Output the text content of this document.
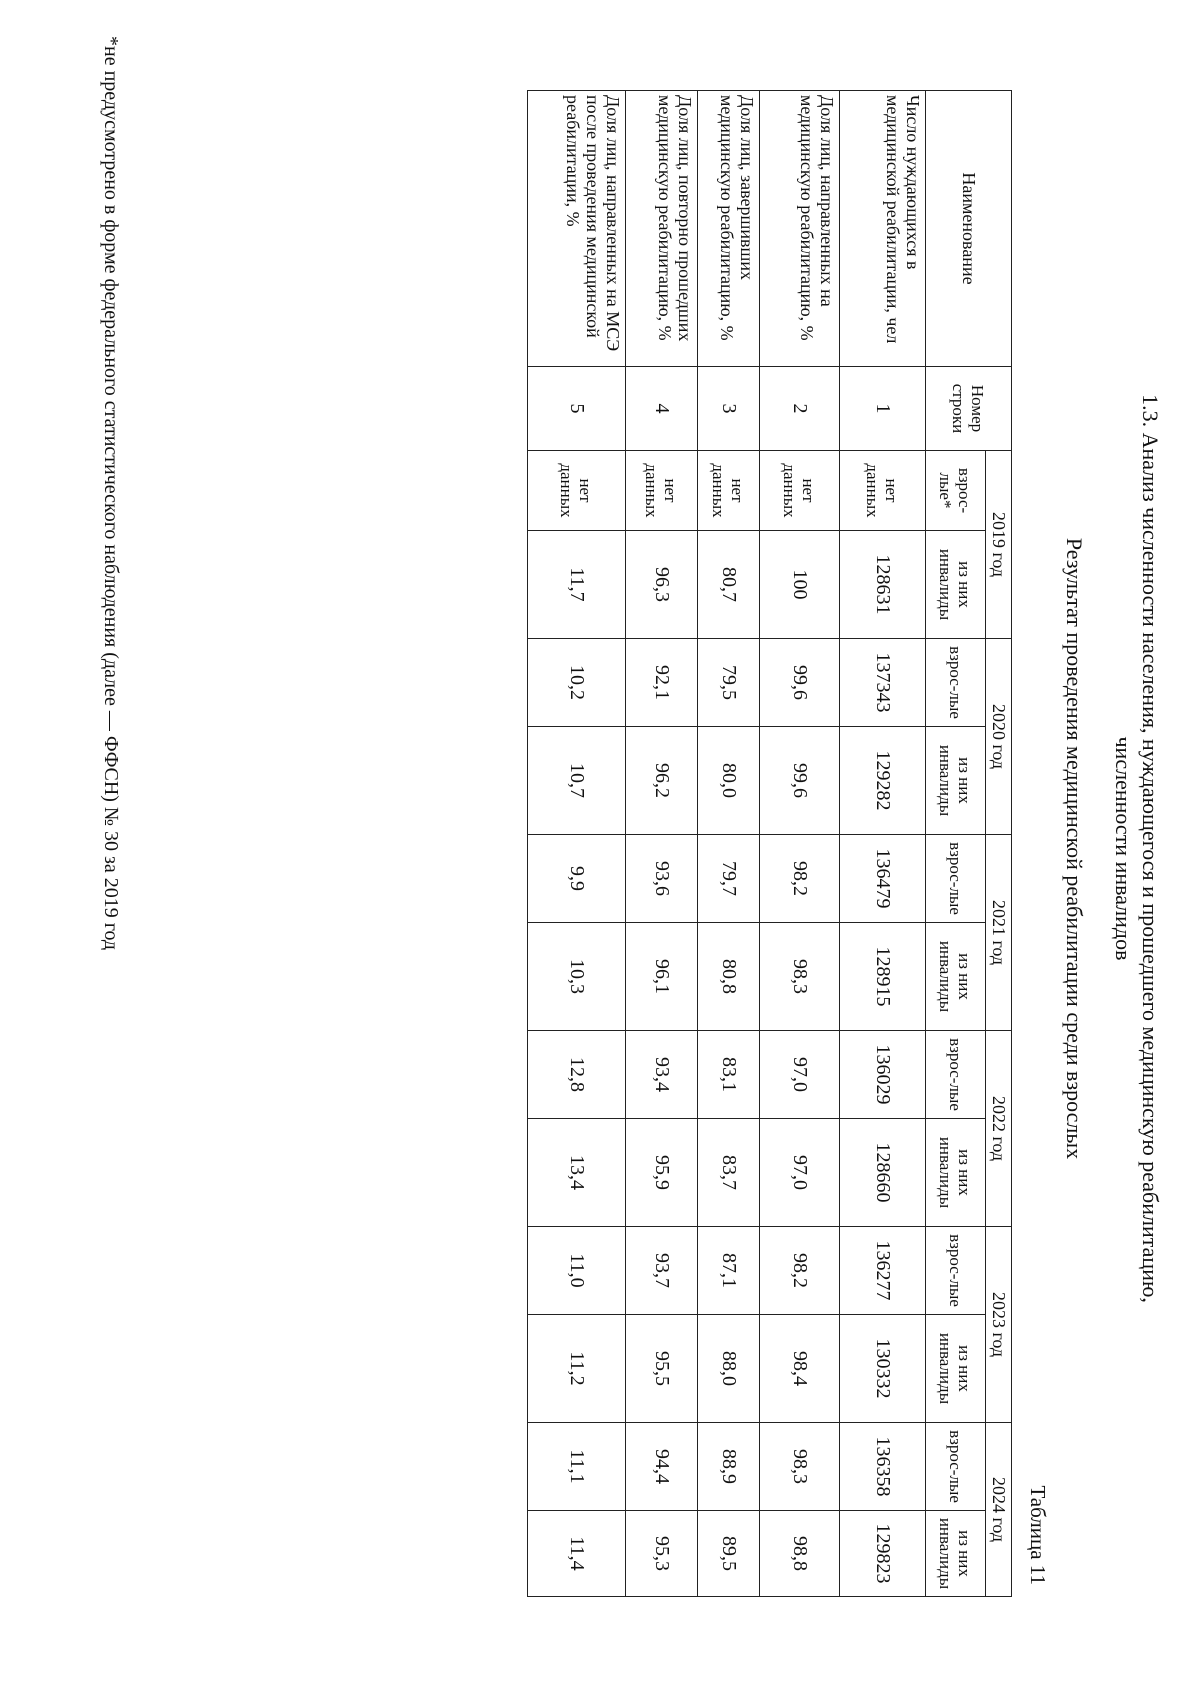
1.3. Анализ численности населения, нуждающегося и прошедшего медицинскую реабилитацию,
численности инвалидов
Результат проведения медицинской реабилитации среди взрослых
Таблица 11
Наименование	Номер строки	2019 год		2020 год		2021 год		2022 год		2023 год		2024 год	
		взрос-лые*	из них инвалиды	взрос-лые	из них инвалиды	взрос-лые	из них инвалиды	взрос-лые	из них инвалиды	взрос-лые	из них инвалиды	взрос-лые	из них инвалиды
Число нуждающихся в медицинской реабилитации, чел	1	нет данных	128631	137343	129282	136479	128915	136029	128660	136277	130332	136358	129823
Доля лиц, направленных на медицинскую реабилитацию, %	2	нет данных	100	99,6	99,6	98,2	98,3	97,0	97,0	98,2	98,4	98,3	98,8
Доля лиц, завершивших медицинскую реабилитацию, %	3	нет данных	80,7	79,5	80,0	79,7	80,8	83,1	83,7	87,1	88,0	88,9	89,5
Доля лиц, повторно прошедших медицинскую реабилитацию, %	4	нет данных	96,3	92,1	96,2	93,6	96,1	93,4	95,9	93,7	95,5	94,4	95,3
Доля лиц, направленных на МСЭ после проведения медицинской реабилитации, %	5	нет данных	11,7	10,2	10,7	9,9	10,3	12,8	13,4	11,0	11,2	11,1	11,4
*не предусмотрено в форме федерального статистического наблюдения (далее — ФФСН) № 30 за 2019 год
